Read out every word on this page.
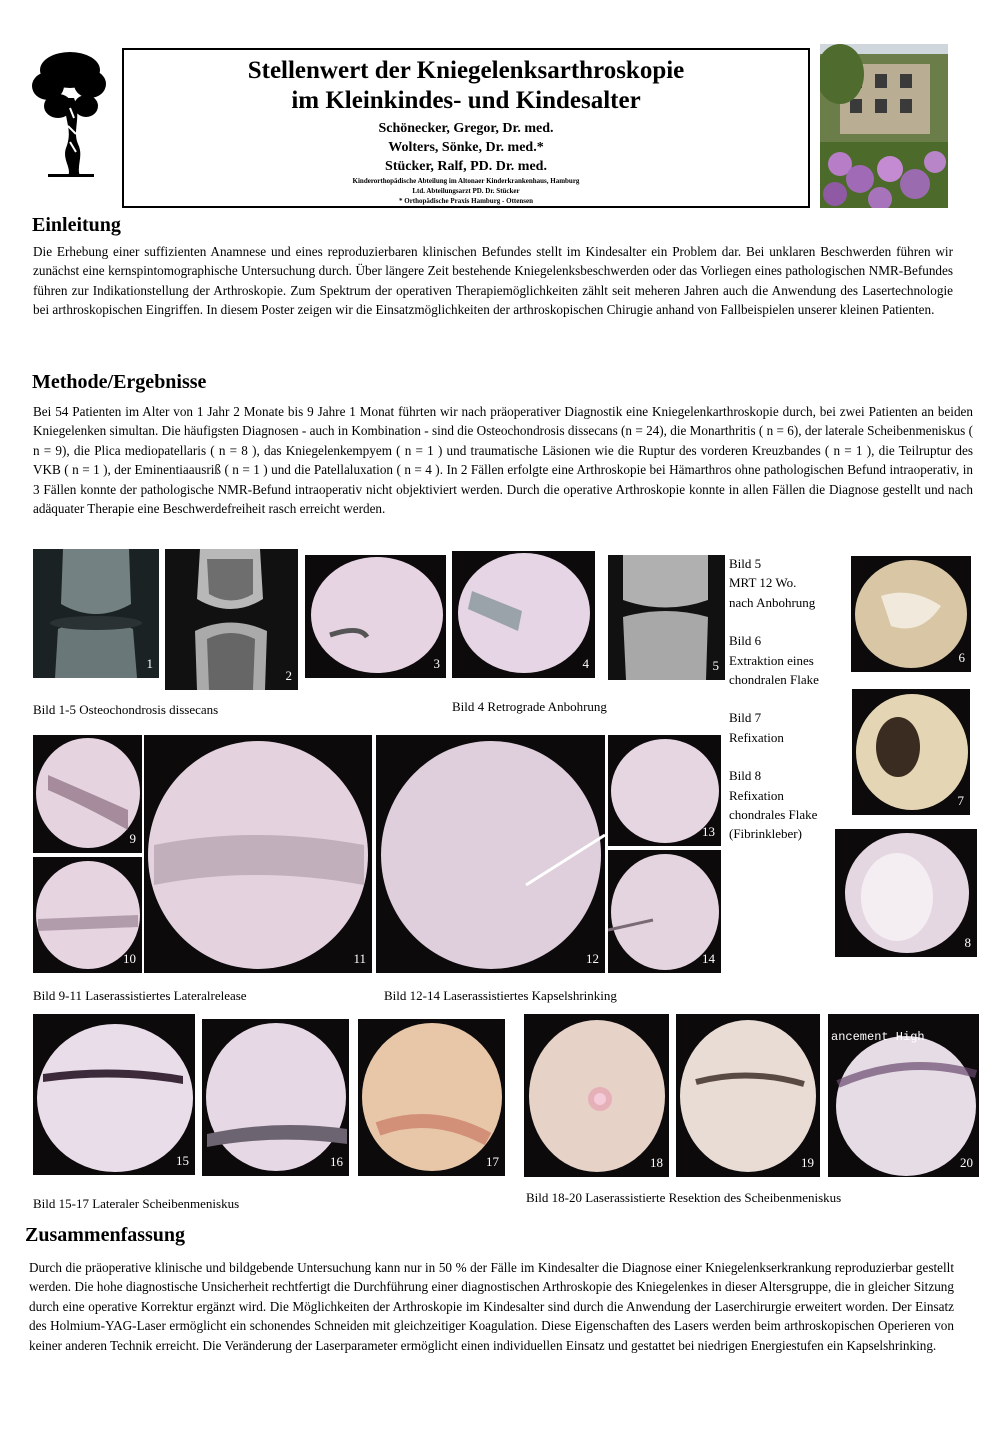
Stellenwert der Kniegelenksarthroskopie
im Kleinkindes- und Kindesalter
Schönecker, Gregor, Dr. med.
Wolters, Sönke, Dr. med.*
Stücker, Ralf, PD. Dr. med.
Kinderorthopädische Abteilung im Altonaer Kinderkrankenhaus, Hamburg
Ltd. Abteilungsarzt PD. Dr. Stücker
* Orthopädische Praxis Hamburg - Ottensen
Einleitung
Die Erhebung einer suffizienten Anamnese und eines reproduzierbaren klinischen Befundes stellt im Kindesalter ein Problem dar. Bei unklaren Beschwerden führen wir zunächst eine kernspintomographische Untersuchung durch. Über längere Zeit bestehende Kniegelenksbeschwerden oder das Vorliegen eines pathologischen NMR-Befundes führen zur Indikationstellung der Arthroskopie. Zum Spektrum der operativen Therapiemöglichkeiten zählt seit meheren Jahren auch die Anwendung des Lasertechnologie bei arthroskopischen Eingriffen. In diesem Poster zeigen wir die Einsatzmöglichkeiten der arthroskopischen Chirugie anhand von Fallbeispielen unserer kleinen Patienten.
Methode/Ergebnisse
Bei 54 Patienten im Alter von 1 Jahr 2 Monate bis 9 Jahre 1 Monat führten wir nach präoperativer Diagnostik eine Kniegelenkarthroskopie durch, bei zwei Patienten an beiden Kniegelenken simultan. Die häufigsten Diagnosen - auch in Kombination - sind die Osteochondrosis dissecans (n = 24), die Monarthritis ( n = 6), der laterale Scheibenmeniskus ( n = 9), die Plica mediopatellaris ( n = 8 ), das Kniegelenkempyem ( n = 1 ) und traumatische Läsionen wie die Ruptur des vorderen Kreuzbandes ( n = 1 ), die Teilruptur des VKB ( n = 1 ), der Eminentiaausriß ( n = 1 ) und die Patellaluxation ( n = 4 ). In 2 Fällen erfolgte eine Arthroskopie bei Hämarthros ohne pathologischen Befund intraoperativ, in 3 Fällen konnte der pathologische NMR-Befund intraoperativ nicht objektiviert werden. Durch die operative Arthroskopie konnte in allen Fällen die Diagnose gestellt und nach adäquater Therapie eine Beschwerdefreiheit rasch erreicht werden.
1
2
3	4	5
Bild 5
MRT 12 Wo.
nach Anbohrung
Bild 6
Extraktion eines
chondralen Flake
Bild 7
Refixation
Bild 8
Refixation
chondrales Flake
(Fibrinkleber)
6
7
8
Bild 1-5 Osteochondrosis dissecans	Bild 4 Retrograde Anbohrung
9
10	11	12
13
14
Bild 9-11 Laserassistiertes Lateralrelease	Bild 12-14 Laserassistiertes Kapselshrinking
15	16	17	18	19
ancement High
20
Bild 15-17 Lateraler Scheibenmeniskus	Bild 18-20 Laserassistierte Resektion des Scheibenmeniskus
Zusammenfassung
Durch die präoperative klinische und bildgebende Untersuchung kann nur in 50 % der Fälle im Kindesalter die Diagnose einer Kniegelenkserkrankung reproduzierbar gestellt werden. Die hohe diagnostische Unsicherheit rechtfertigt die Durchführung einer diagnostischen Arthroskopie des Kniegelenkes in dieser Altersgruppe, die in gleicher Sitzung durch eine operative Korrektur ergänzt wird. Die Möglichkeiten der Arthroskopie im Kindesalter sind durch die Anwendung der Laserchirurgie erweitert worden. Der Einsatz des Holmium-YAG-Laser ermöglicht ein schonendes Schneiden mit gleichzeitiger Koagulation. Diese Eigenschaften des Lasers werden beim arthroskopischen Operieren von keiner anderen Technik erreicht. Die Veränderung der Laserparameter ermöglicht einen individuellen Einsatz und gestattet bei niedrigen Energiestufen ein Kapselshrinking.
